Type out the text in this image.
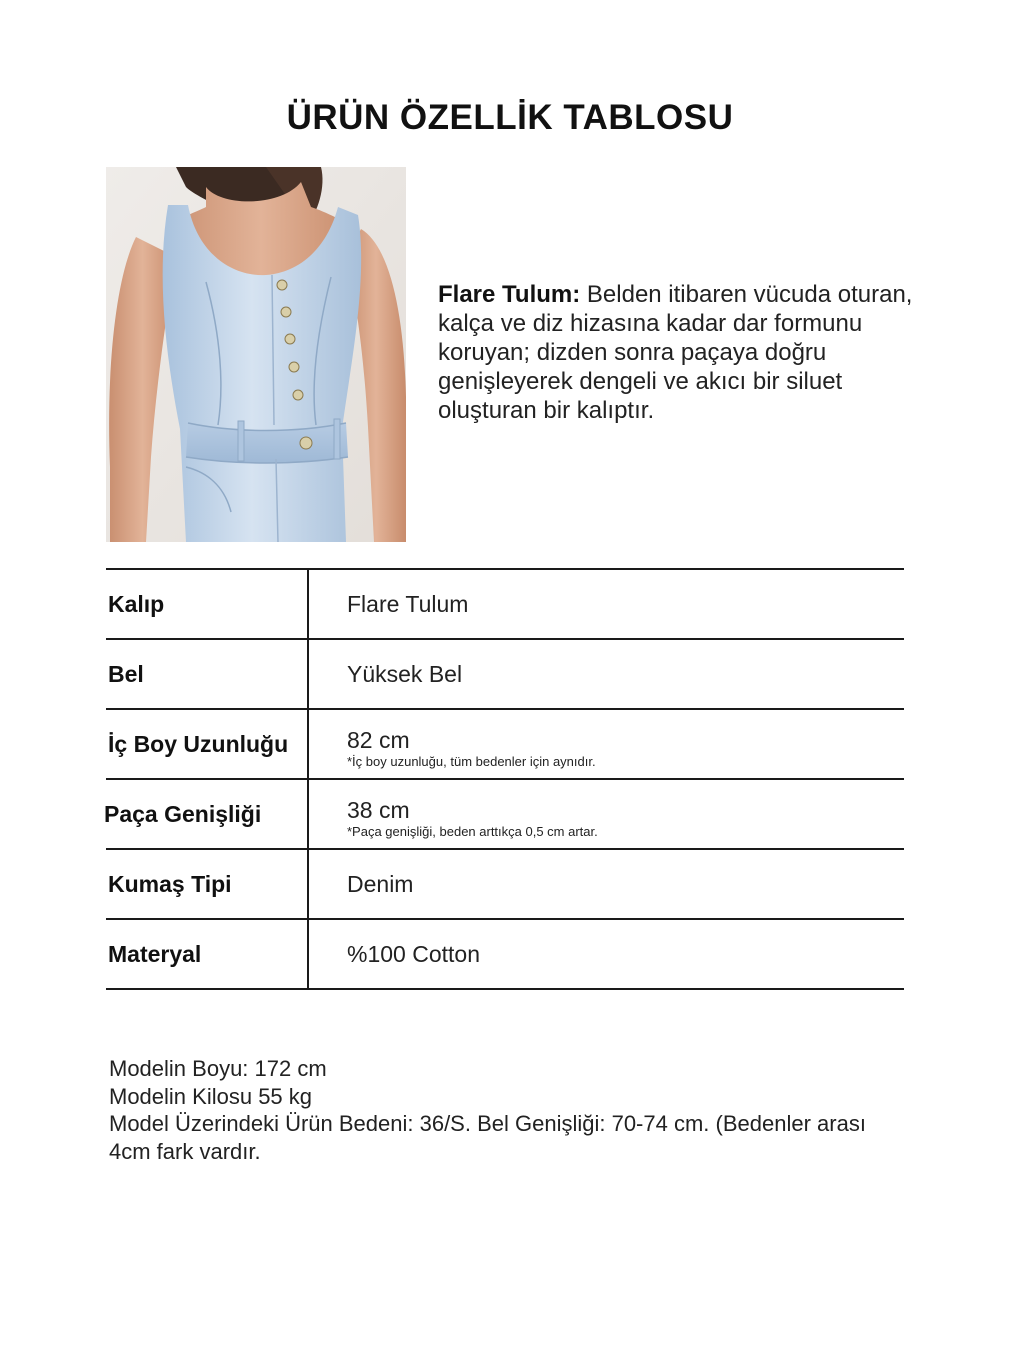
ÜRÜN ÖZELLİK TABLOSU
Flare Tulum: Belden itibaren vücuda oturan, kalça ve diz hizasına kadar dar formunu koruyan; dizden sonra paçaya doğru genişleyerek dengeli ve akıcı bir siluet oluşturan bir kalıptır.
Kalıp	Flare Tulum
Bel	Yüksek Bel
İç Boy Uzunluğu	82 cm
*İç boy uzunluğu, tüm bedenler için aynıdır.
Paça Genişliği	38 cm
*Paça genişliği, beden arttıkça 0,5 cm artar.
Kumaş Tipi	Denim
Materyal	%100 Cotton
Modelin Boyu: 172 cm
Modelin Kilosu 55 kg
Model Üzerindeki Ürün Bedeni: 36/S. Bel Genişliği: 70-74 cm. (Bedenler arası 4cm fark vardır.
